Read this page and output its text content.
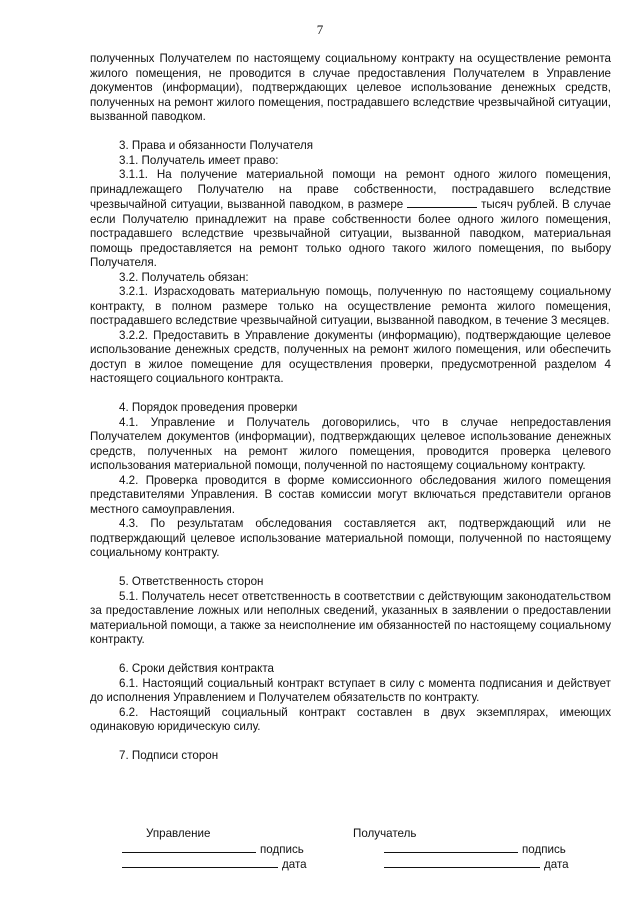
7

полученных Получателем по настоящему социальному контракту на осуществление ремонта жилого помещения, не проводится в случае предоставления Получателем в Управление документов (информации), подтверждающих целевое использование денежных средств, полученных на ремонт жилого помещения, пострадавшего вследствие чрезвычайной ситуации, вызванной паводком.

3. Права и обязанности Получателя

3.1. Получатель имеет право:

3.1.1. На получение материальной помощи на ремонт одного жилого помещения, принадлежащего Получателю на праве собственности, пострадавшего вследствие чрезвычайной ситуации, вызванной паводком, в размере	тысяч рублей. В случае если Получателю принадлежит на праве собственности более одного жилого помещения, пострадавшего вследствие чрезвычайной ситуации, вызванной паводком, материальная помощь предоставляется на ремонт только одного такого жилого помещения, по выбору Получателя.

3.2. Получатель обязан:

3.2.1. Израсходовать материальную помощь, полученную по настоящему социальному контракту, в полном размере только на осуществление ремонта жилого помещения, пострадавшего вследствие чрезвычайной ситуации, вызванной паводком, в течение 3 месяцев.

3.2.2. Предоставить в Управление документы (информацию), подтверждающие целевое использование денежных средств, полученных на ремонт жилого помещения, или обеспечить доступ в жилое помещение для осуществления проверки, предусмотренной разделом 4 настоящего социального контракта.

4. Порядок проведения проверки

4.1. Управление и Получатель договорились, что в случае непредоставления Получателем документов (информации), подтверждающих целевое использование денежных средств, полученных на ремонт жилого помещения, проводится проверка целевого использования материальной помощи, полученной по настоящему социальному контракту.

4.2. Проверка проводится в форме комиссионного обследования жилого помещения представителями Управления. В состав комиссии могут включаться представители органов местного самоуправления.

4.3. По результатам обследования составляется акт, подтверждающий или не подтверждающий целевое использование материальной помощи, полученной по настоящему социальному контракту.

5. Ответственность сторон

5.1. Получатель несет ответственность в соответствии с действующим законодательством за предоставление ложных или неполных сведений, указанных в заявлении о предоставлении материальной помощи, а также за неисполнение им обязанностей по настоящему социальному контракту.

6. Сроки действия контракта

6.1. Настоящий социальный контракт вступает в силу с момента подписания и действует до исполнения Управлением и Получателем обязательств по контракту.

6.2. Настоящий социальный контракт составлен в двух экземплярах, имеющих одинаковую юридическую силу.

7. Подписи сторон

Управление
подпись
дата
Получатель
подпись
дата
